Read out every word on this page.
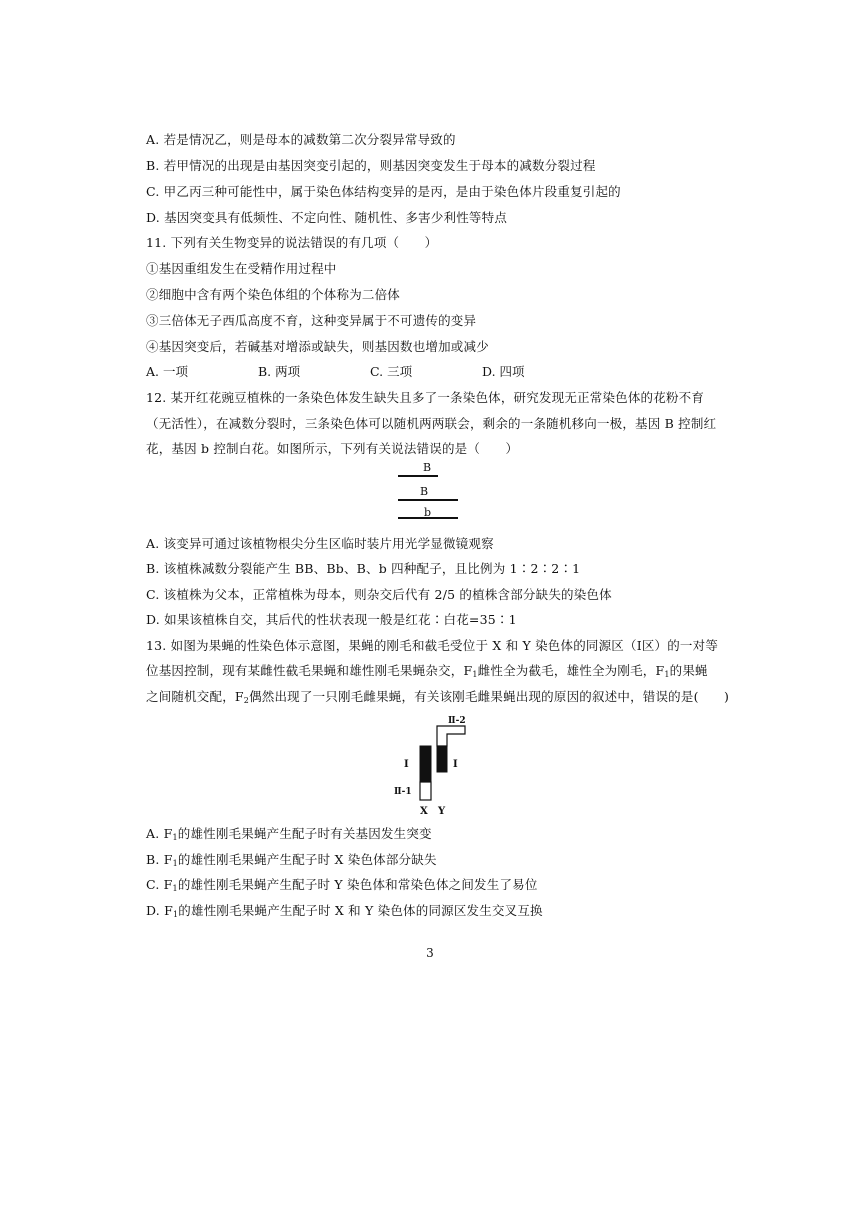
A. 若是情况乙，则是母本的减数第二次分裂异常导致的
B. 若甲情况的出现是由基因突变引起的，则基因突变发生于母本的减数分裂过程
C. 甲乙丙三种可能性中，属于染色体结构变异的是丙，是由于染色体片段重复引起的
D. 基因突变具有低频性、不定向性、随机性、多害少利性等特点
11. 下列有关生物变异的说法错误的有几项（　　）
①基因重组发生在受精作用过程中
②细胞中含有两个染色体组的个体称为二倍体
③三倍体无子西瓜高度不育，这种变异属于不可遗传的变异
④基因突变后，若碱基对增添或缺失，则基因数也增加或减少
A. 一项	B. 两项	C. 三项	D. 四项
12. 某开红花豌豆植株的一条染色体发生缺失且多了一条染色体，研究发现无正常染色体的花粉不育
（无活性），在减数分裂时，三条染色体可以随机两两联会，剩余的一条随机移向一极，基因 B 控制红
花，基因 b 控制白花。如图所示，下列有关说法错误的是（　　）
B
B
b
A. 该变异可通过该植物根尖分生区临时装片用光学显微镜观察
B. 该植株减数分裂能产生 BB、Bb、B、b 四种配子，且比例为 1∶2∶2∶1
C. 该植株为父本，正常植株为母本，则杂交后代有 2/5 的植株含部分缺失的染色体
D. 如果该植株自交，其后代的性状表现一般是红花∶白花=35∶1
13. 如图为果蝇的性染色体示意图，果蝇的刚毛和截毛受位于 X 和 Y 染色体的同源区（Ⅰ区）的一对等
位基因控制，现有某雌性截毛果蝇和雄性刚毛果蝇杂交，$F_1$雌性全为截毛，雄性全为刚毛，$F_1$的果蝇
之间随机交配，$F_2$偶然出现了一只刚毛雌果蝇，有关该刚毛雌果蝇出现的原因的叙述中，错误的是(　　)
Ⅱ-2
Ⅰ	Ⅰ
Ⅱ-1
X Y
A. $F_1$的雄性刚毛果蝇产生配子时有关基因发生突变
B. $F_1$的雄性刚毛果蝇产生配子时 X 染色体部分缺失
C. $F_1$的雄性刚毛果蝇产生配子时 Y 染色体和常染色体之间发生了易位
D. $F_1$的雄性刚毛果蝇产生配子时 X 和 Y 染色体的同源区发生交叉互换
3
